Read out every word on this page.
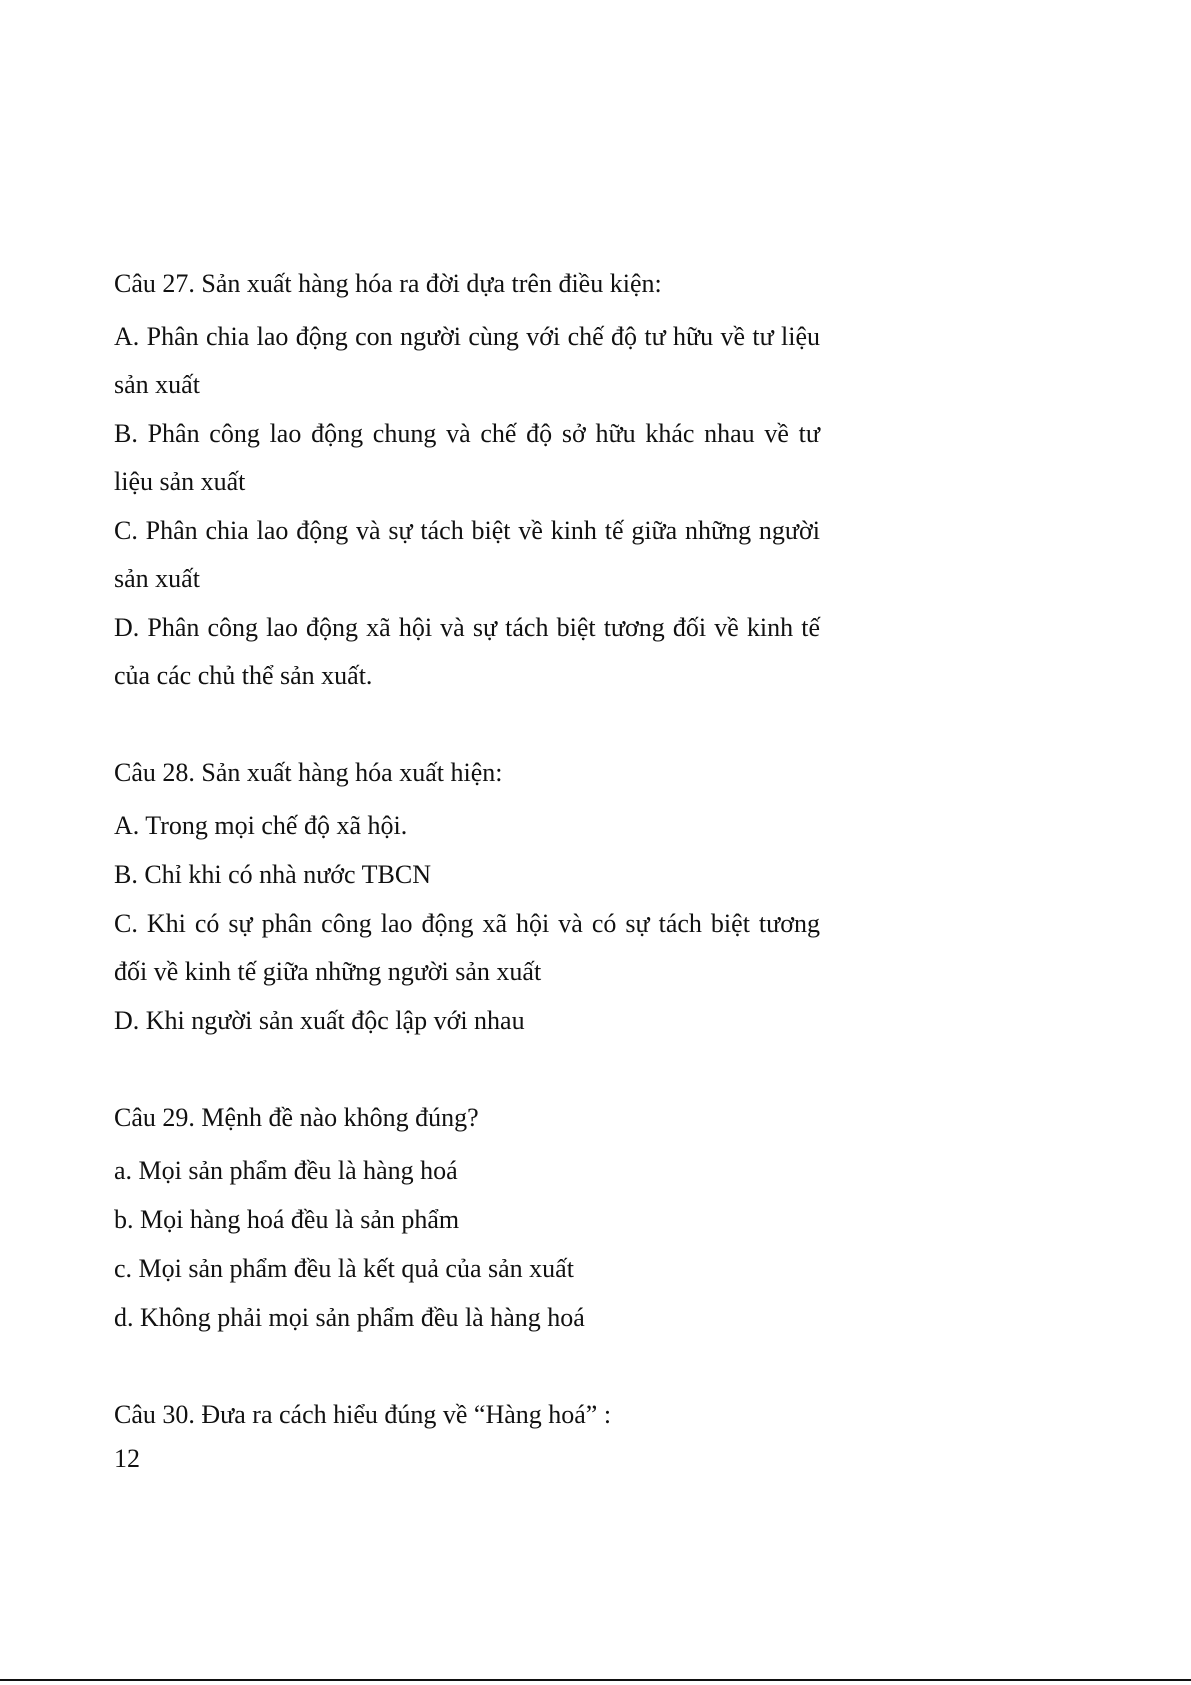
Câu 27. Sản xuất hàng hóa ra đời dựa trên điều kiện:

A. Phân chia lao động con người cùng với chế độ tư hữu về tư liệu sản xuất

B. Phân công lao động chung và chế độ sở hữu khác nhau về tư liệu sản xuất

C. Phân chia lao động và sự tách biệt về kinh tế giữa những người sản xuất

D. Phân công lao động xã hội và sự tách biệt tương đối về kinh tế của các chủ thể sản xuất.

Câu 28. Sản xuất hàng hóa xuất hiện:

A. Trong mọi chế độ xã hội.

B. Chỉ khi có nhà nước TBCN

C. Khi có sự phân công lao động xã hội và có sự tách biệt tương đối về kinh tế giữa những người sản xuất

D. Khi người sản xuất độc lập với nhau

Câu 29. Mệnh đề nào không đúng?

a. Mọi sản phẩm đều là hàng hoá

b. Mọi hàng hoá đều là sản phẩm

c. Mọi sản phẩm đều là kết quả của sản xuất

d. Không phải mọi sản phẩm đều là hàng hoá

Câu 30. Đưa ra cách hiểu đúng về “Hàng hoá” :

12
